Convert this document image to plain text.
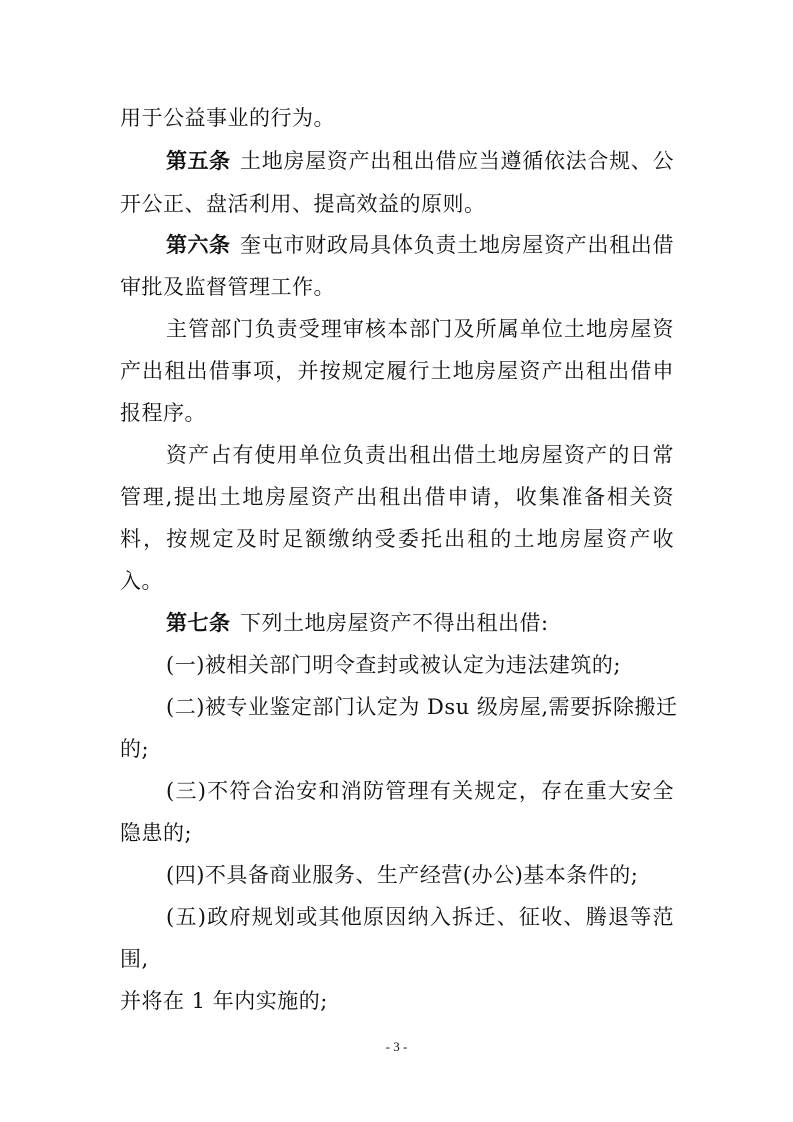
用于公益事业的行为。
第五条 土地房屋资产出租出借应当遵循依法合规、公
开公正、盘活利用、提高效益的原则。
第六条 奎屯市财政局具体负责土地房屋资产出租出借
审批及监督管理工作。
主管部门负责受理审核本部门及所属单位土地房屋资
产出租出借事项，并按规定履行土地房屋资产出租出借申
报程序。
资产占有使用单位负责出租出借土地房屋资产的日常
管理,提出土地房屋资产出租出借申请，收集准备相关资
料，按规定及时足额缴纳受委托出租的土地房屋资产收
入。
第七条 下列土地房屋资产不得出租出借:
(一)被相关部门明令查封或被认定为违法建筑的;
(二)被专业鉴定部门认定为 Dsu 级房屋,需要拆除搬迁
的;
(三)不符合治安和消防管理有关规定，存在重大安全
隐患的;
(四)不具备商业服务、生产经营(办公)基本条件的;
(五)政府规划或其他原因纳入拆迁、征收、腾退等范
围,
并将在 1 年内实施的;
- 3 -
